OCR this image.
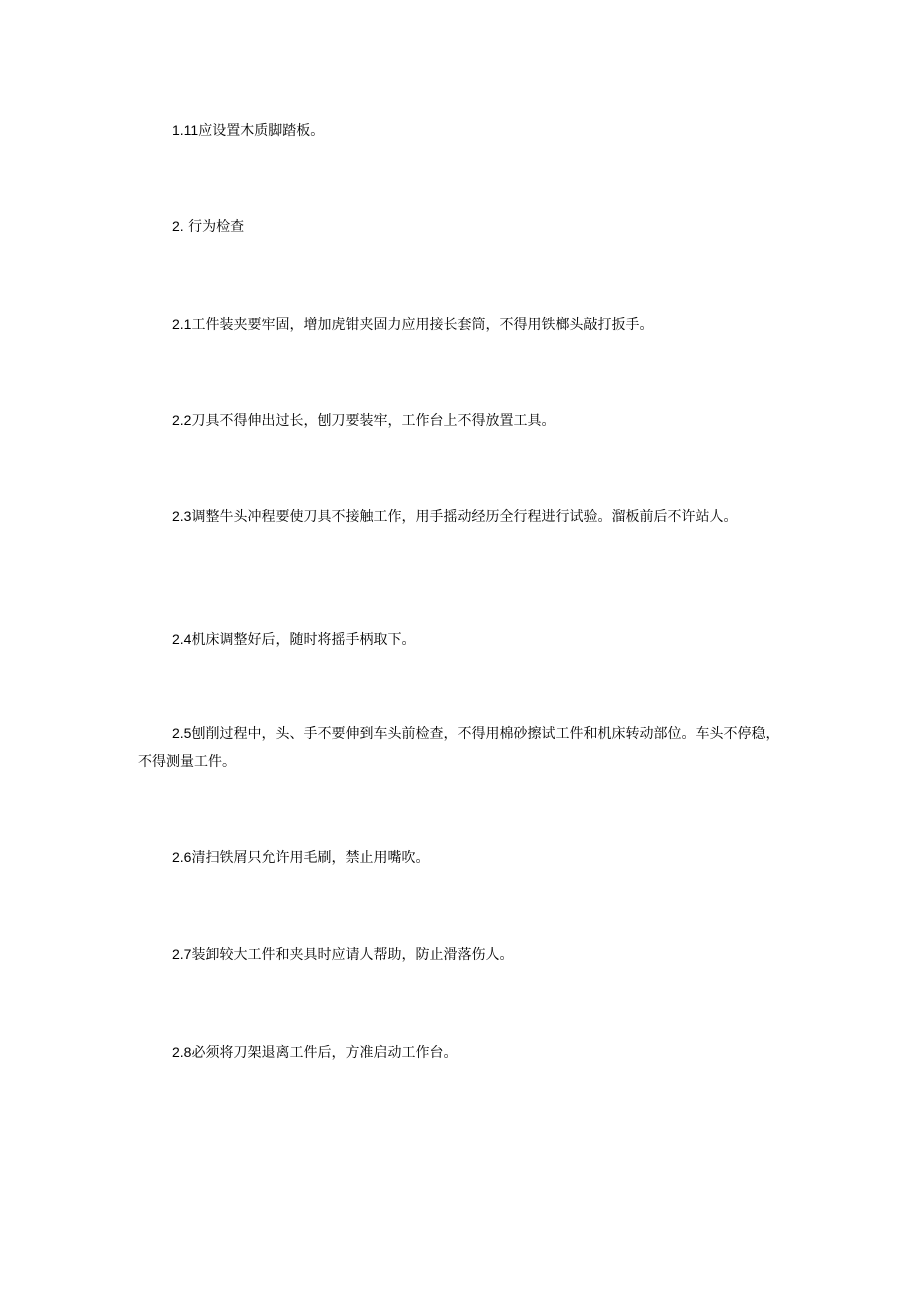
1.11应设置木质脚踏板。
2. 行为检查
2.1工件装夹要牢固，增加虎钳夹固力应用接长套筒，不得用铁榔头敲打扳手。
2.2刀具不得伸出过长，刨刀要装牢，工作台上不得放置工具。
2.3调整牛头冲程要使刀具不接触工作，用手摇动经历全行程进行试验。溜板前后不许站人。
2.4机床调整好后，随时将摇手柄取下。
2.5刨削过程中，头、手不要伸到车头前检查，不得用棉砂擦试工件和机床转动部位。车头不停稳，不得测量工件。
2.6清扫铁屑只允许用毛刷，禁止用嘴吹。
2.7装卸较大工件和夹具时应请人帮助，防止滑落伤人。
2.8必须将刀架退离工件后，方准启动工作台。
